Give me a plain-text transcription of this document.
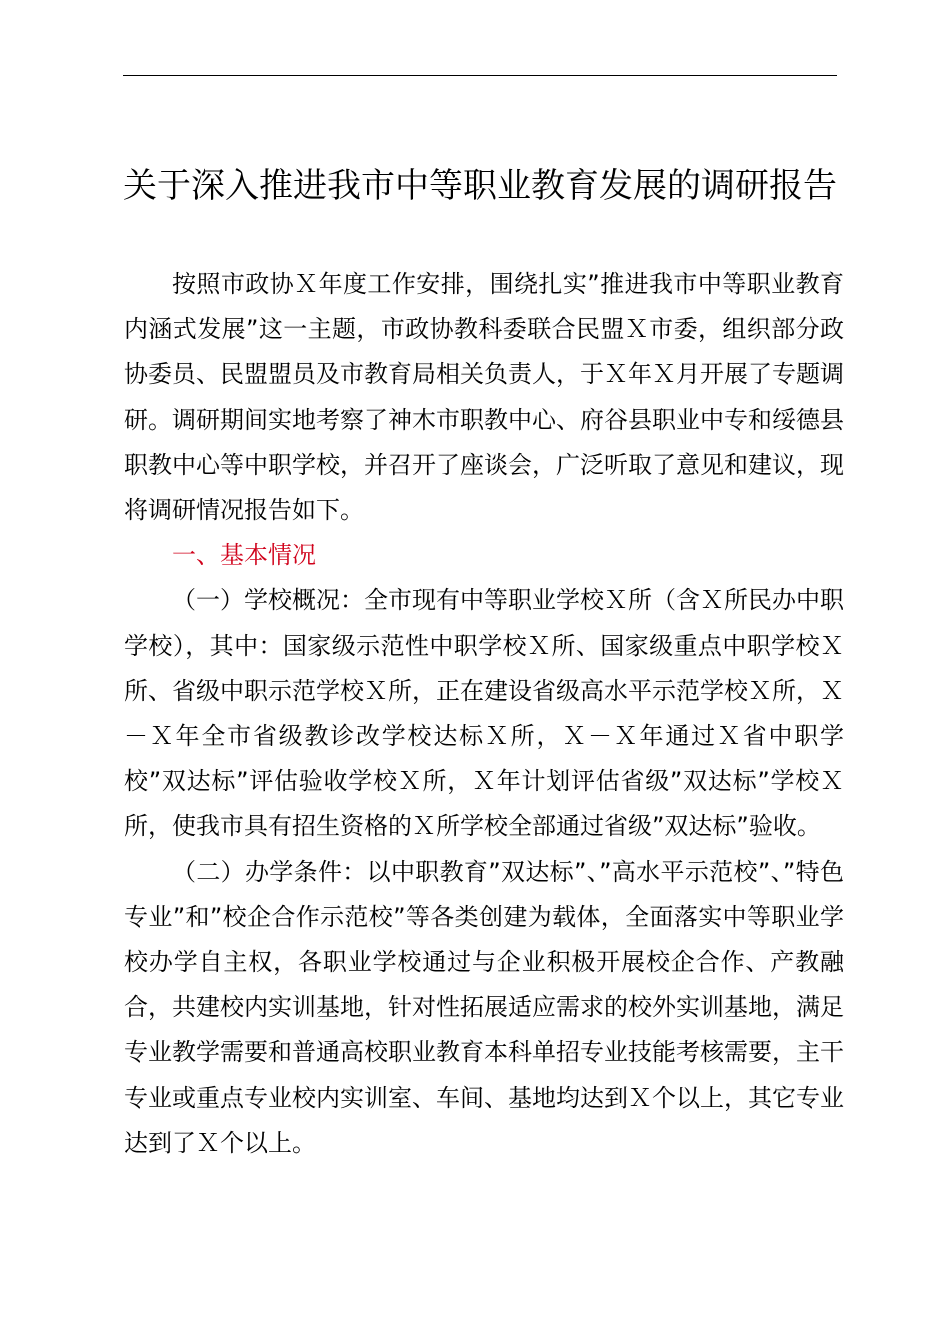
关于深入推进我市中等职业教育发展的调研报告

按照市政协Ｘ年度工作安排，围绕扎实”推进我市中等职业教育内涵式发展”这一主题，市政协教科委联合民盟Ｘ市委，组织部分政协委员、民盟盟员及市教育局相关负责人，于Ｘ年Ｘ月开展了专题调研。调研期间实地考察了神木市职教中心、府谷县职业中专和绥德县职教中心等中职学校，并召开了座谈会，广泛听取了意见和建议，现将调研情况报告如下。

一、基本情况

（一）学校概况：全市现有中等职业学校Ｘ所（含Ｘ所民办中职学校），其中：国家级示范性中职学校Ｘ所、国家级重点中职学校Ｘ所、省级中职示范学校Ｘ所，正在建设省级高水平示范学校Ｘ所，Ｘ－Ｘ年全市省级教诊改学校达标Ｘ所，Ｘ－Ｘ年通过Ｘ省中职学校”双达标”评估验收学校Ｘ所，Ｘ年计划评估省级”双达标”学校Ｘ所，使我市具有招生资格的Ｘ所学校全部通过省级”双达标”验收。

（二）办学条件：以中职教育”双达标”、”高水平示范校”、”特色专业”和”校企合作示范校”等各类创建为载体，全面落实中等职业学校办学自主权，各职业学校通过与企业积极开展校企合作、产教融合，共建校内实训基地，针对性拓展适应需求的校外实训基地，满足专业教学需要和普通高校职业教育本科单招专业技能考核需要，主干专业或重点专业校内实训室、车间、基地均达到Ｘ个以上，其它专业达到了Ｘ个以上。
